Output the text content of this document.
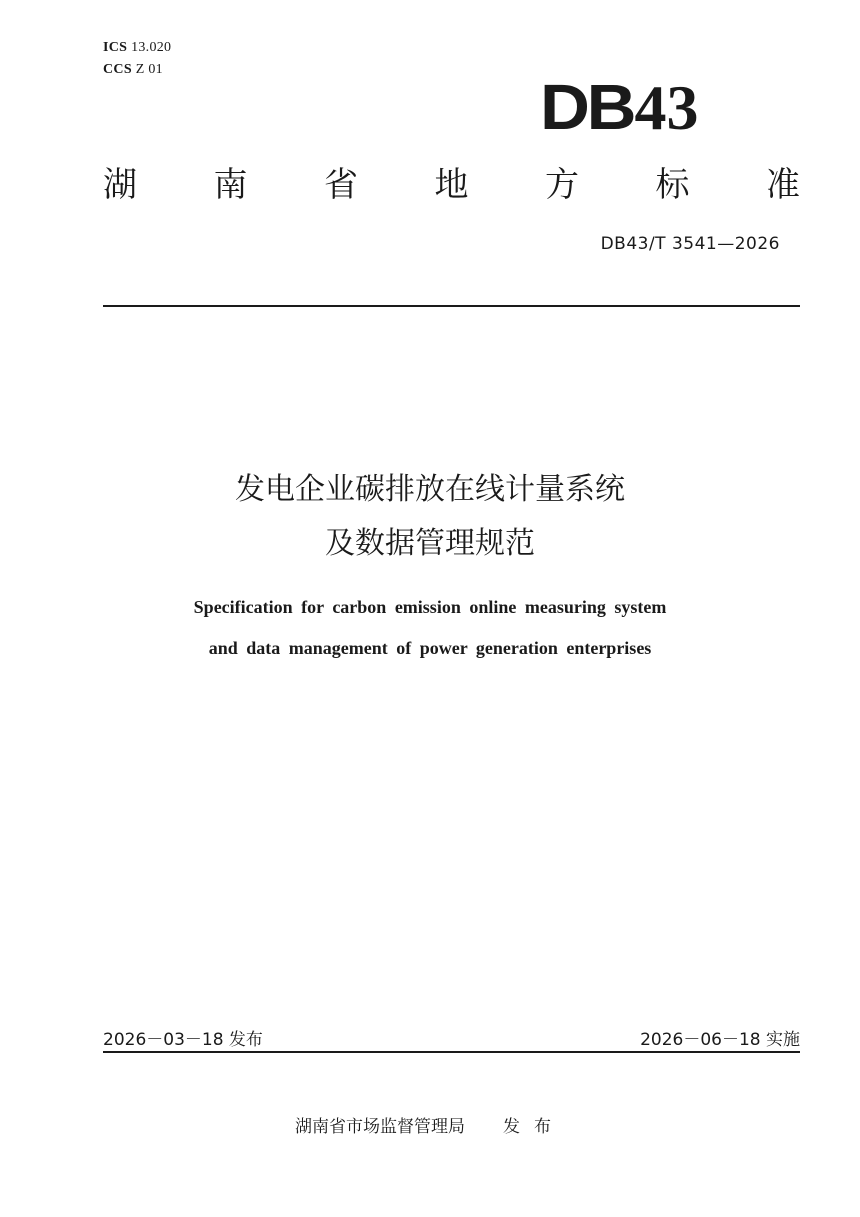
ICS 13.020
CCS Z 01
DB43
湖 南 省 地 方 标 准
DB43/T 3541—2026
发电企业碳排放在线计量系统
及数据管理规范
Specification for carbon emission online measuring system
and data management of power generation enterprises
2026－03－18 发布	2026－06－18 实施
湖南省市场监督管理局 发布
